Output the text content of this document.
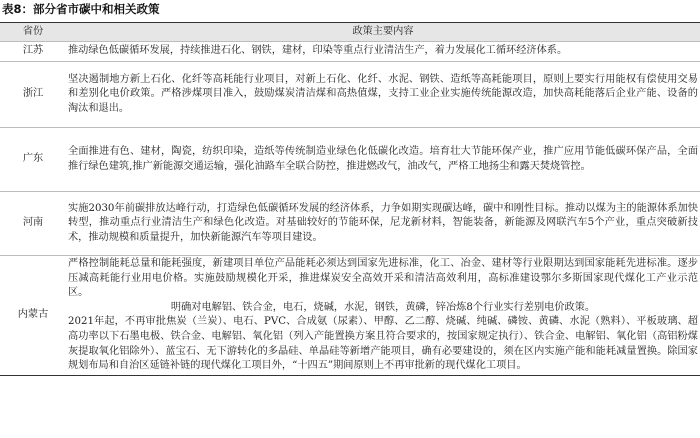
表8：部分省市碳中和相关政策
省份	政策主要内容
江苏	推动绿色低碳循环发展，持续推进石化、钢铁，建材，印染等重点行业清洁生产，着力发展化工循环经济体系。

浙江	坚决遏制地方新上石化、化纤等高耗能行业项目，对新上石化、化纤、水泥、钢铁、造纸等高耗能项目，原则上要实行用能权有偿使用交易和差别化电价政策。严格涉煤项目准入，鼓励煤炭清洁煤和高热值煤，支持工业企业实施传统能源改造，加快高耗能落后企业产能、设备的淘汰和退出。

广东	全面推进有色、建材，陶瓷，纺织印染，造纸等传统制造业绿色化低碳化改造。培育壮大节能环保产业，推广应用节能低碳环保产品，全面推行绿色建筑,推广新能源交通运输，强化油路车全联合防控，推进燃改气，油改气，严格工地扬尘和露天焚烧管控。

河南	实施2030年前碳排放达峰行动，打造绿色低碳循环发展的经济体系，力争如期实现碳达峰，碳中和刚性目标。推动以煤为主的能源体系加快转型，推动重点行业清洁生产和绿色化改造。对基础较好的节能环保，尼龙新材料，智能装备，新能源及网联汽车5个产业，重点突破新技术，推动规模和质量提升，加快新能源汽车等项目建设。

内蒙古	严格控制能耗总量和能耗强度，新建项目单位产品能耗必须达到国家先进标准，化工、冶金、建材等行业限期达到国家能耗先进标准。逐步压减高耗能行业用电价格。实施鼓励规模化开采，推进煤炭安全高效开采和清洁高效利用，高标准建设鄂尔多斯国家现代煤化工产业示范区。
明确对电解铝、铁合金，电石，烧碱，水泥，钢铁，黄磷，锌冶炼8个行业实行差别电价政策。
2021年起，不再审批焦炭（兰炭）、电石、PVC、合成氨（尿素）、甲醇、乙二醇、烧碱、纯碱、磷铵、黄磷、水泥（熟料）、平板玻璃、超高功率以下石墨电极、铁合金、电解铝、氧化铝（列入产能置换方案且符合要求的，按国家规定执行）、铁合金、电解铝、氧化铝（高铝粉煤灰提取氧化铝除外）、蓝宝石、无下游转化的多晶硅、单晶硅等新增产能项目，确有必要建设的，须在区内实施产能和能耗减量置换。除国家规划布局和自治区延链补链的现代煤化工项目外，“十四五”期间原则上不再审批新的现代煤化工项目。
